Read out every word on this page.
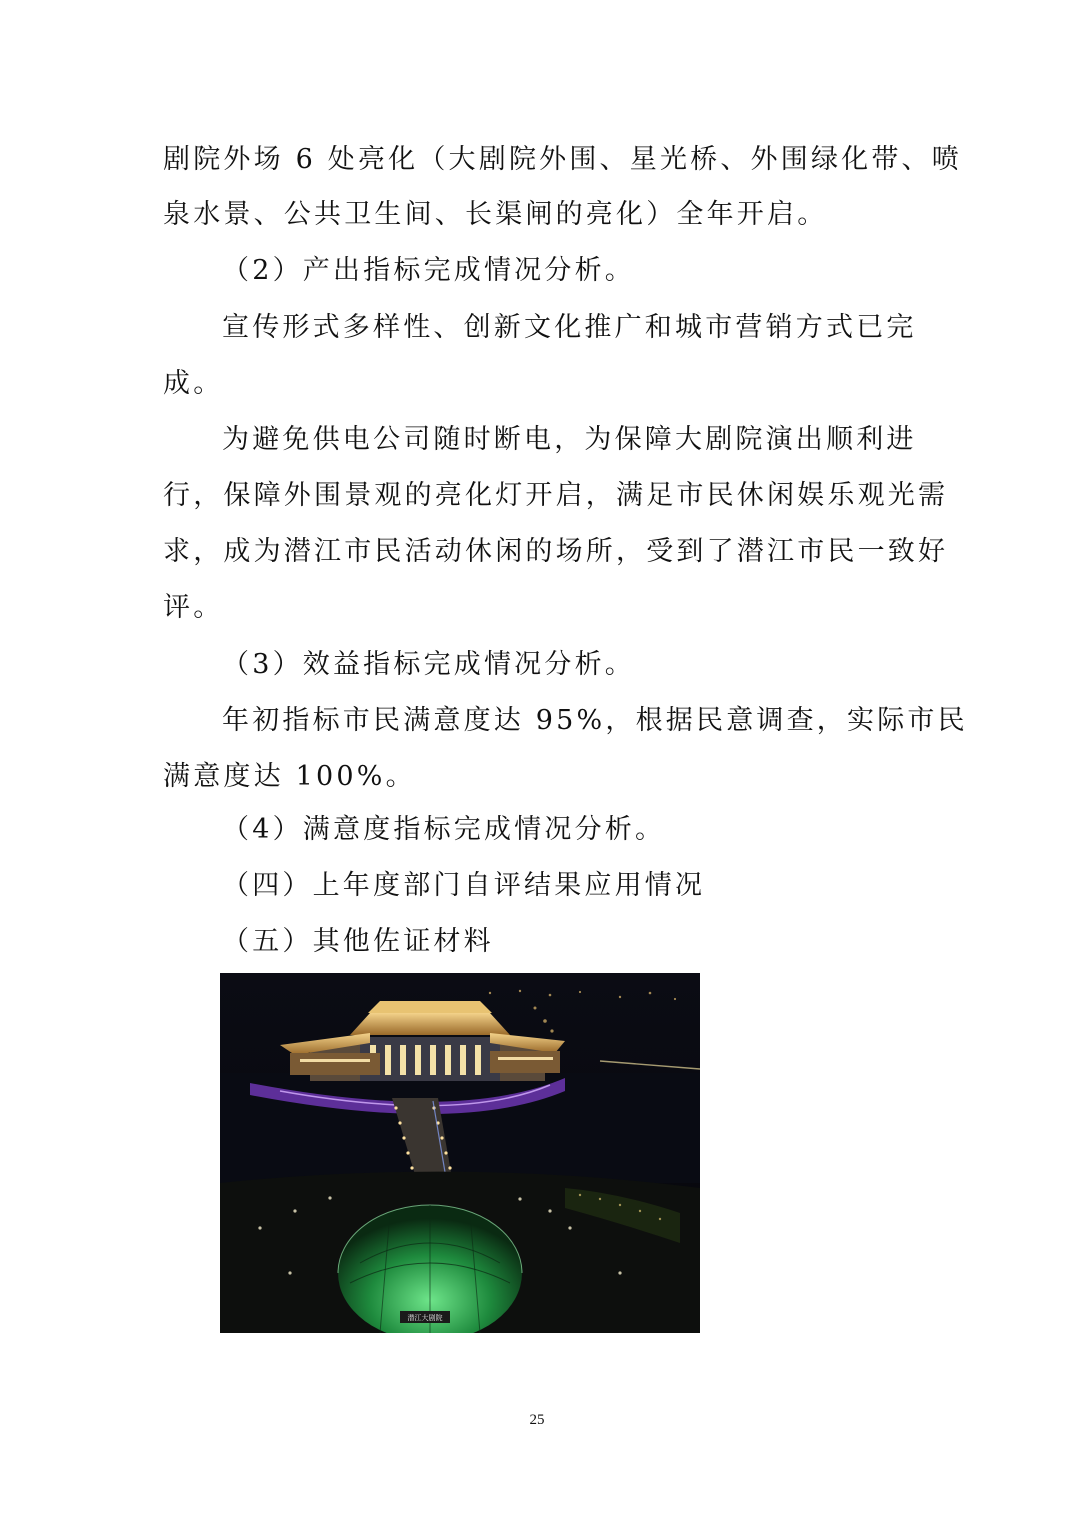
剧院外场 6 处亮化（大剧院外围、星光桥、外围绿化带、喷
泉水景、公共卫生间、长渠闸的亮化）全年开启。
（2）产出指标完成情况分析。
宣传形式多样性、创新文化推广和城市营销方式已完
成。
为避免供电公司随时断电，为保障大剧院演出顺利进
行，保障外围景观的亮化灯开启，满足市民休闲娱乐观光需
求，成为潜江市民活动休闲的场所，受到了潜江市民一致好
评。
（3）效益指标完成情况分析。
年初指标市民满意度达 95%，根据民意调查，实际市民
满意度达 100%。
（4）满意度指标完成情况分析。
（四）上年度部门自评结果应用情况
（五）其他佐证材料
潜江大剧院
25
